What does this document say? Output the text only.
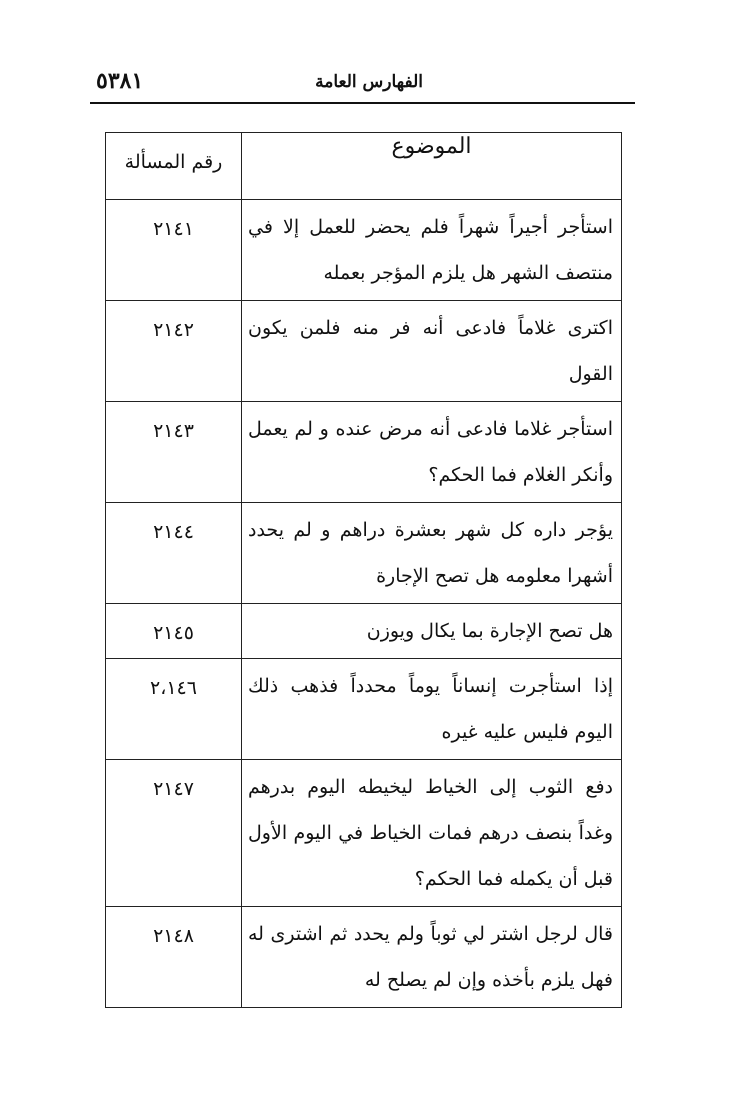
الفهارس العامة
٥٣٨١
الموضوع	رقم المسألة
استأجر أجيراً شهراً فلم يحضر للعمل إلا في منتصف الشهر هل يلزم المؤجر بعمله	٢١٤١
اكترى غلاماً فادعى أنه فر منه فلمن يكون القول	٢١٤٢
استأجر غلاما فادعى أنه مرض عنده و لم يعمل وأنكر الغلام فما الحكم؟	٢١٤٣
يؤجر داره كل شهر بعشرة دراهم و لم يحدد أشهرا معلومه هل تصح الإجارة	٢١٤٤
هل تصح الإجارة بما يكال ويوزن	٢١٤٥
إذا استأجرت إنساناً يوماً محدداً فذهب ذلك اليوم فليس عليه غيره	٢،١٤٦
دفع الثوب إلى الخياط ليخيطه اليوم بدرهم وغداً بنصف درهم فمات الخياط في اليوم الأول قبل أن يكمله فما الحكم؟	٢١٤٧
قال لرجل اشتر لي ثوباً ولم يحدد ثم اشترى له فهل يلزم بأخذه وإن لم يصلح له	٢١٤٨
